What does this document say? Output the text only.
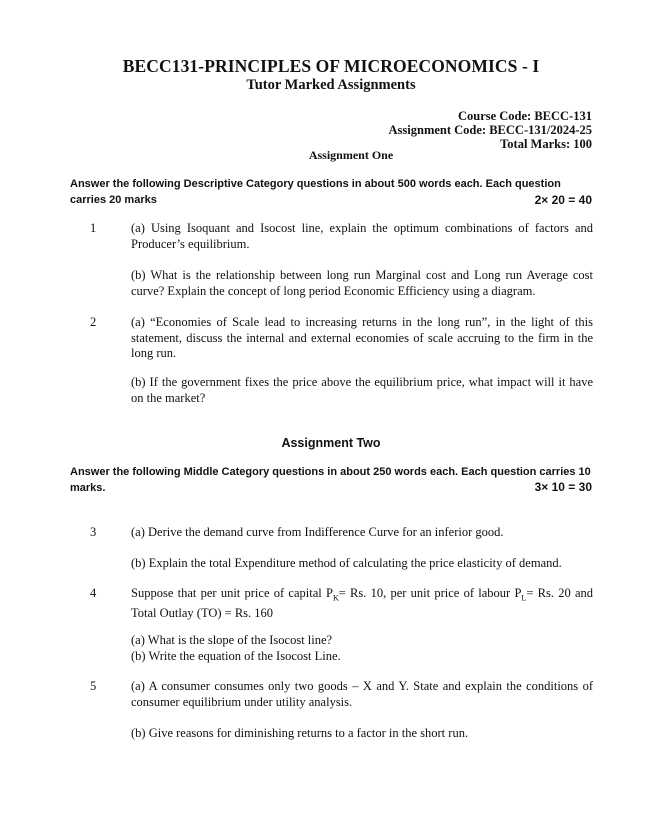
BECC131-PRINCIPLES OF MICROECONOMICS - I
Tutor Marked Assignments
Course Code: BECC-131
Assignment Code: BECC-131/2024-25
Total Marks: 100
Assignment One
Answer the following Descriptive Category questions in about 500 words each. Each question carries 20 marks	2× 20 = 40
1	(a) Using Isoquant and Isocost line, explain the optimum combinations of factors and Producer’s equilibrium.
(b) What is the relationship between long run Marginal cost and Long run Average cost curve? Explain the concept of long period Economic Efficiency using a diagram.
2	(a) “Economies of Scale lead to increasing returns in the long run”, in the light of this statement, discuss the internal and external economies of scale accruing to the firm in the long run.
(b) If the government fixes the price above the equilibrium price, what impact will it have on the market?
Assignment Two
Answer the following Middle Category questions in about 250 words each. Each question carries 10 marks.	3× 10 = 30
3	(a) Derive the demand curve from Indifference Curve for an inferior good.
(b) Explain the total Expenditure method of calculating the price elasticity of demand.
4	Suppose that per unit price of capital $P_K= Rs$. 10, per unit price of labour $P_L= Rs$. 20 and Total Outlay (TO) = Rs. 160
(a) What is the slope of the Isocost line?
(b) Write the equation of the Isocost Line.
5	(a) A consumer consumes only two goods – X and Y. State and explain the conditions of consumer equilibrium under utility analysis.
(b) Give reasons for diminishing returns to a factor in the short run.
